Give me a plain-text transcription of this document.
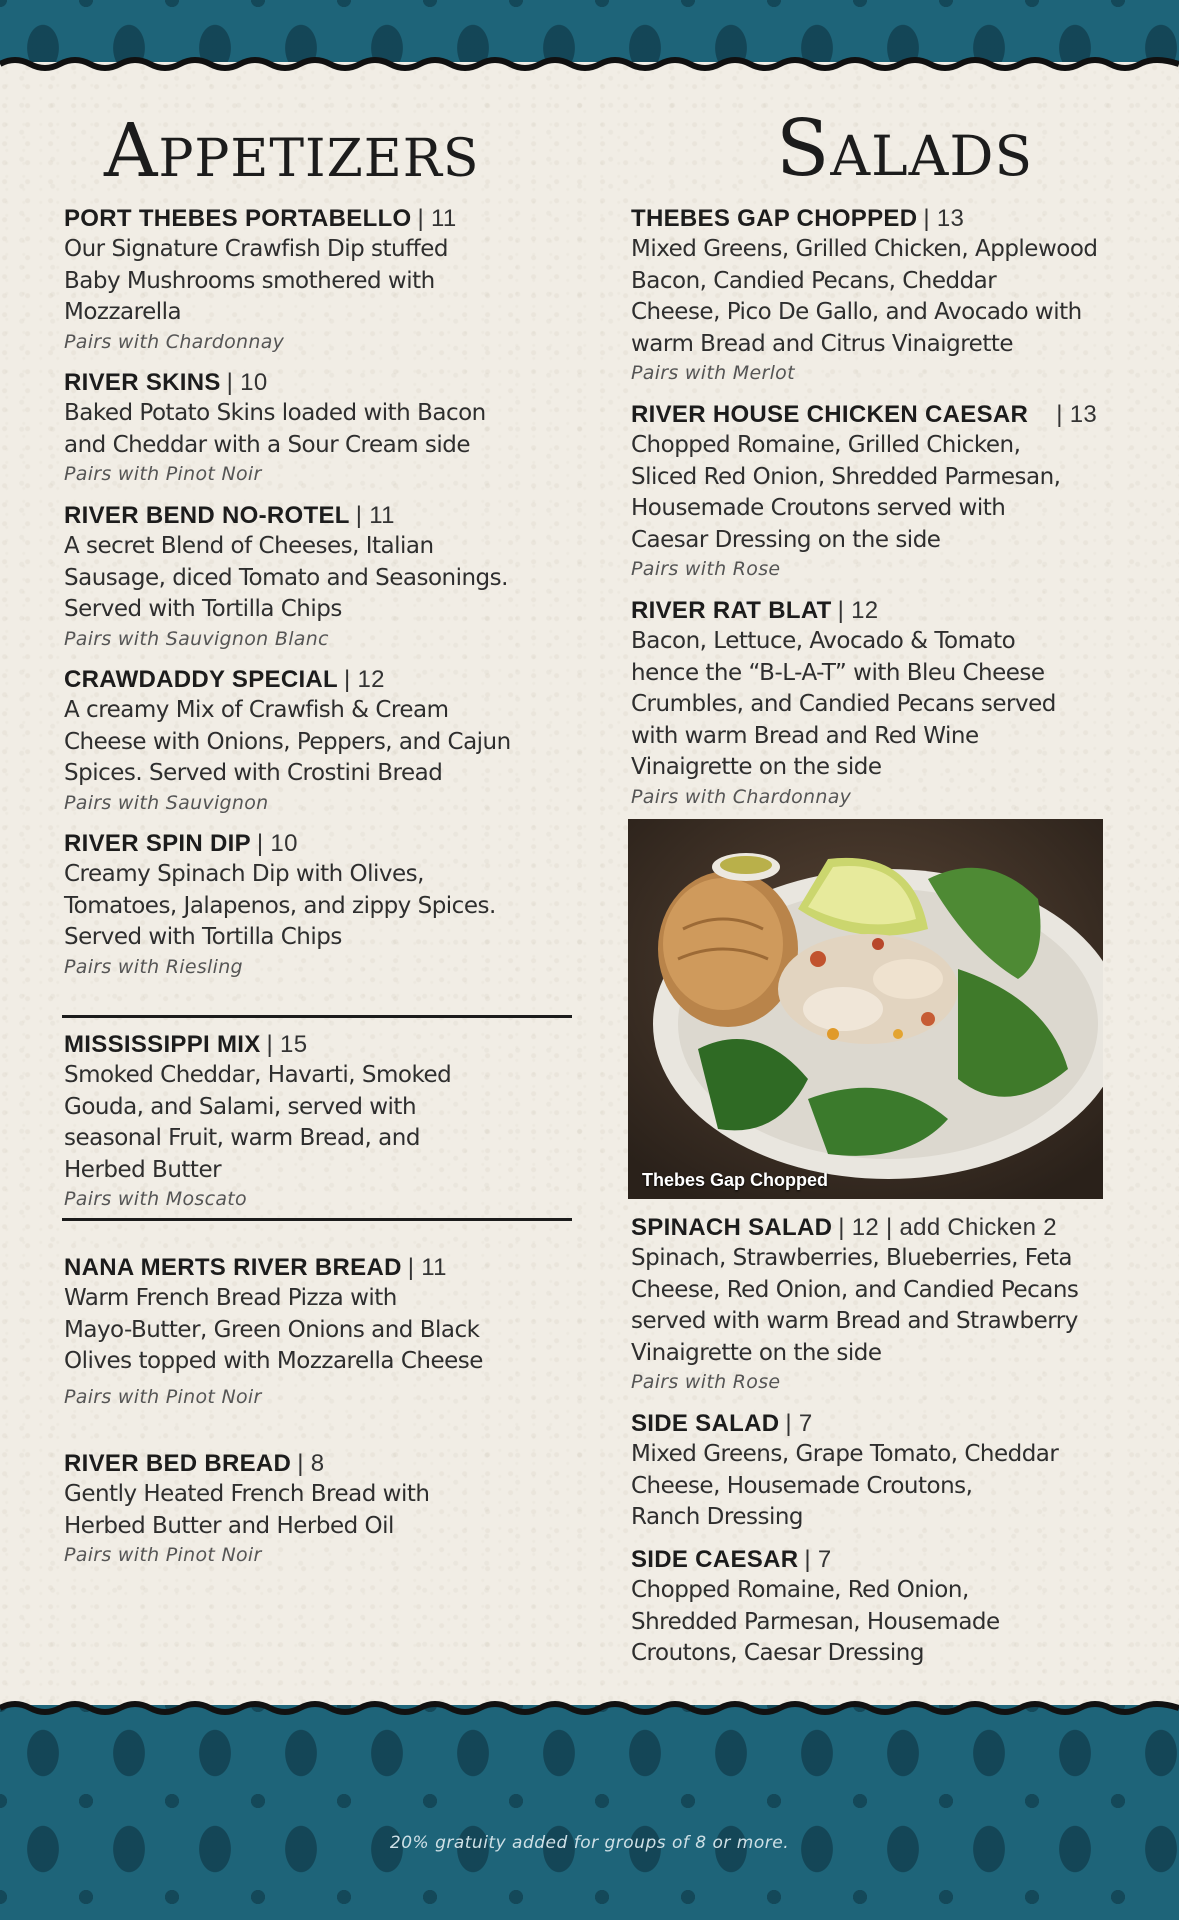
Appetizers	Salads
PORT THEBES PORTABELLO | 11
Our Signature Crawfish Dip stuffed
Baby Mushrooms smothered with
Mozzarella
Pairs with Chardonnay
RIVER SKINS | 10
Baked Potato Skins loaded with Bacon
and Cheddar with a Sour Cream side
Pairs with Pinot Noir
RIVER BEND NO-ROTEL | 11
A secret Blend of Cheeses, Italian
Sausage, diced Tomato and Seasonings.
Served with Tortilla Chips
Pairs with Sauvignon Blanc
CRAWDADDY SPECIAL | 12
A creamy Mix of Crawfish & Cream
Cheese with Onions, Peppers, and Cajun
Spices. Served with Crostini Bread
Pairs with Sauvignon
RIVER SPIN DIP | 10
Creamy Spinach Dip with Olives,
Tomatoes, Jalapenos, and zippy Spices.
Served with Tortilla Chips
Pairs with Riesling
MISSISSIPPI MIX | 15
Smoked Cheddar, Havarti, Smoked
Gouda, and Salami, served with
seasonal Fruit, warm Bread, and
Herbed Butter
Pairs with Moscato
NANA MERTS RIVER BREAD | 11
Warm French Bread Pizza with
Mayo-Butter, Green Onions and Black
Olives topped with Mozzarella Cheese
Pairs with Pinot Noir
RIVER BED BREAD | 8
Gently Heated French Bread with
Herbed Butter and Herbed Oil
Pairs with Pinot Noir
THEBES GAP CHOPPED | 13
Mixed Greens, Grilled Chicken, Applewood
Bacon, Candied Pecans, Cheddar
Cheese, Pico De Gallo, and Avocado with
warm Bread and Citrus Vinaigrette
Pairs with Merlot
RIVER HOUSE CHICKEN CAESAR | 13
Chopped Romaine, Grilled Chicken,
Sliced Red Onion, Shredded Parmesan,
Housemade Croutons served with
Caesar Dressing on the side
Pairs with Rose
RIVER RAT BLAT | 12
Bacon, Lettuce, Avocado & Tomato
hence the “B-L-A-T” with Bleu Cheese
Crumbles, and Candied Pecans served
with warm Bread and Red Wine
Vinaigrette on the side
Pairs with Chardonnay
SPINACH SALAD | 12 | add Chicken 2
Spinach, Strawberries, Blueberries, Feta
Cheese, Red Onion, and Candied Pecans
served with warm Bread and Strawberry
Vinaigrette on the side
Pairs with Rose
SIDE SALAD | 7
Mixed Greens, Grape Tomato, Cheddar
Cheese, Housemade Croutons,
Ranch Dressing
SIDE CAESAR | 7
Chopped Romaine, Red Onion,
Shredded Parmesan, Housemade
Croutons, Caesar Dressing
Thebes Gap Chopped
20% gratuity added for groups of 8 or more.
